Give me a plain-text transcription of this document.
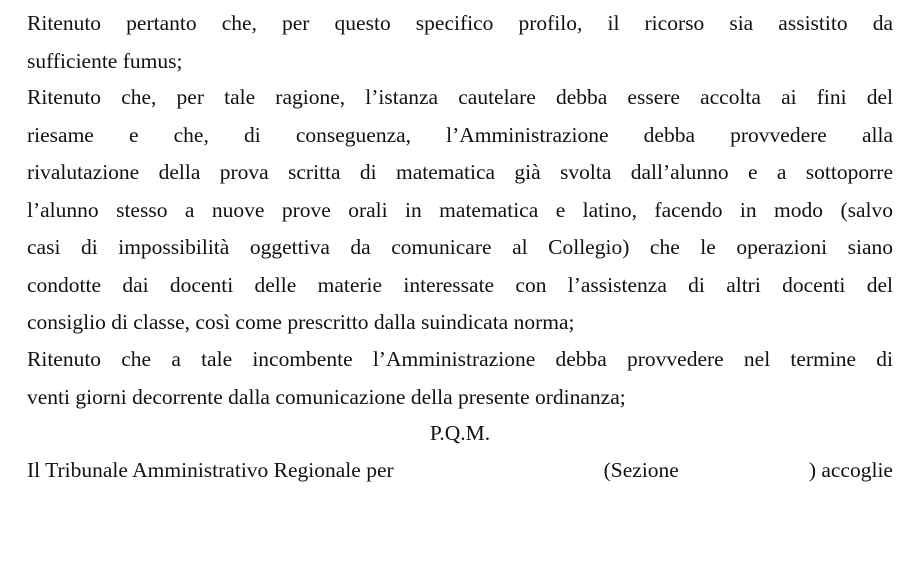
Ritenuto pertanto che, per questo specifico profilo, il ricorso sia assistito da
sufficiente fumus;
Ritenuto che, per tale ragione, l’istanza cautelare debba essere accolta ai fini del
riesame e che, di conseguenza, l’Amministrazione debba provvedere alla
rivalutazione della prova scritta di matematica già svolta dall’alunno e a sottoporre
l’alunno stesso a nuove prove orali in matematica e latino, facendo in modo (salvo
casi di impossibilità oggettiva da comunicare al Collegio) che le operazioni siano
condotte dai docenti delle materie interessate con l’assistenza di altri docenti del
consiglio di classe, così come prescritto dalla suindicata norma;
Ritenuto che a tale incombente l’Amministrazione debba provvedere nel termine di
venti giorni decorrente dalla comunicazione della presente ordinanza;
P.Q.M.
Il Tribunale Amministrativo Regionale per	(Sezione	) accoglie
